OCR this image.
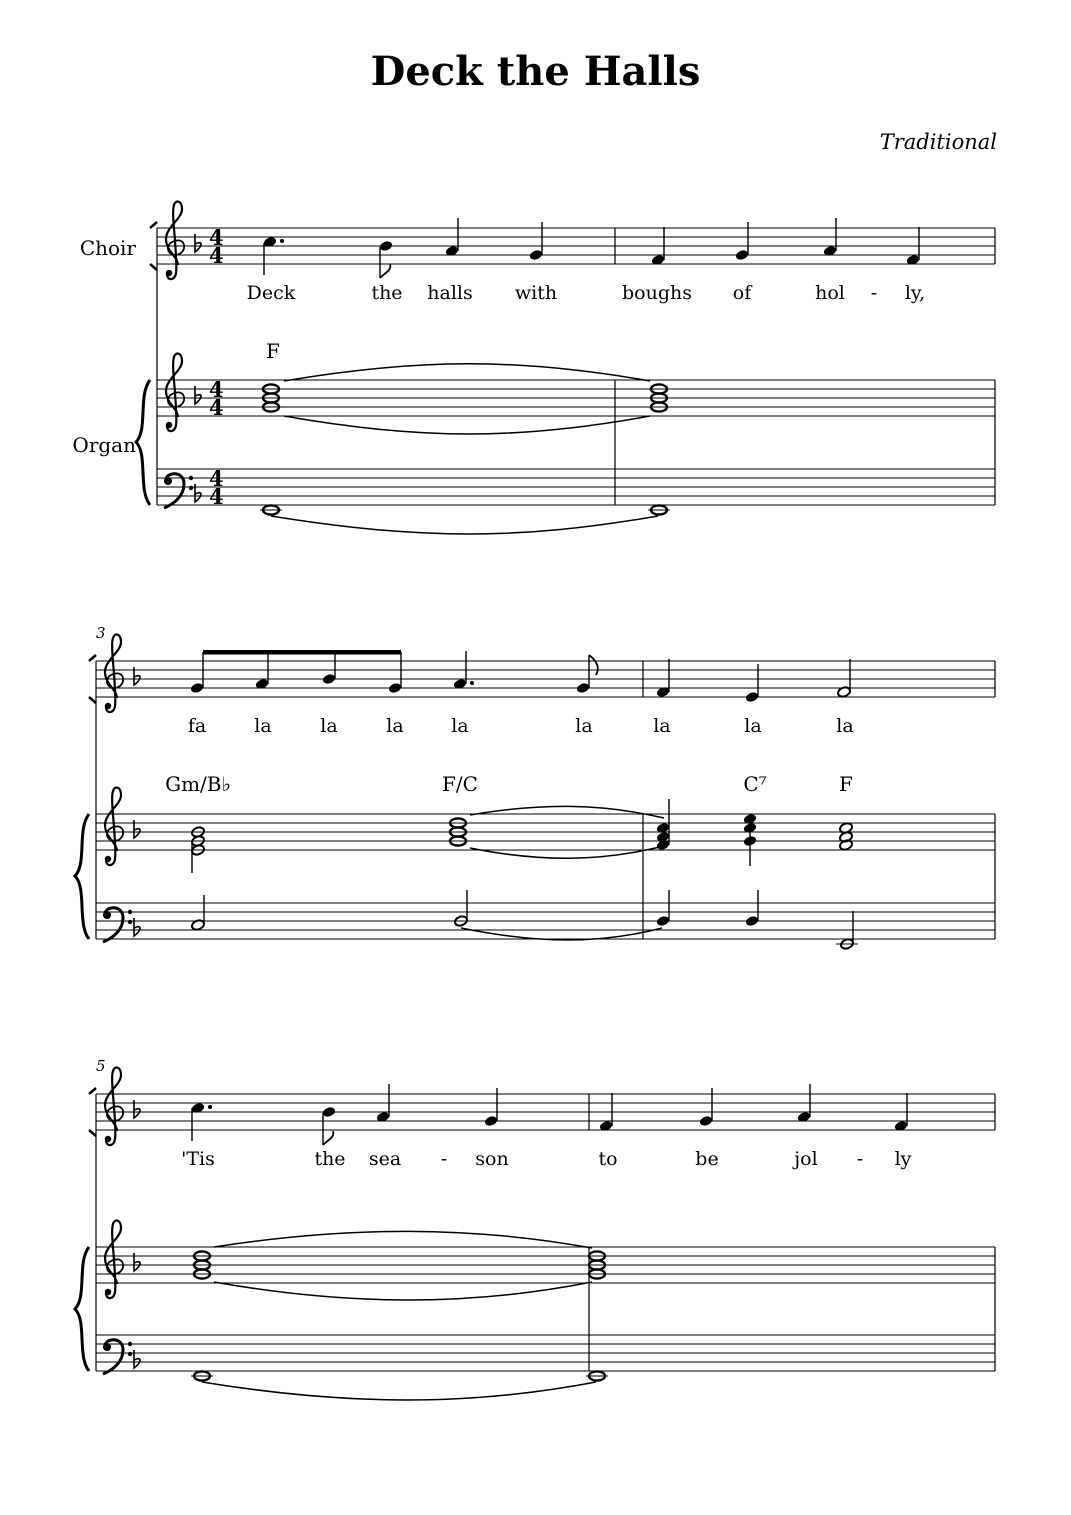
Deck the Halls
Traditional
Choir
Organ
4
4
4
4
4
4
F
Deck	the halls with	boughs of	hol - ly,
3
Gm/B♭	F/C	C⁷	F
fa	la	la	la	la	la	la	la	la
5
'Tis	the sea - son	to	be	jol - ly
